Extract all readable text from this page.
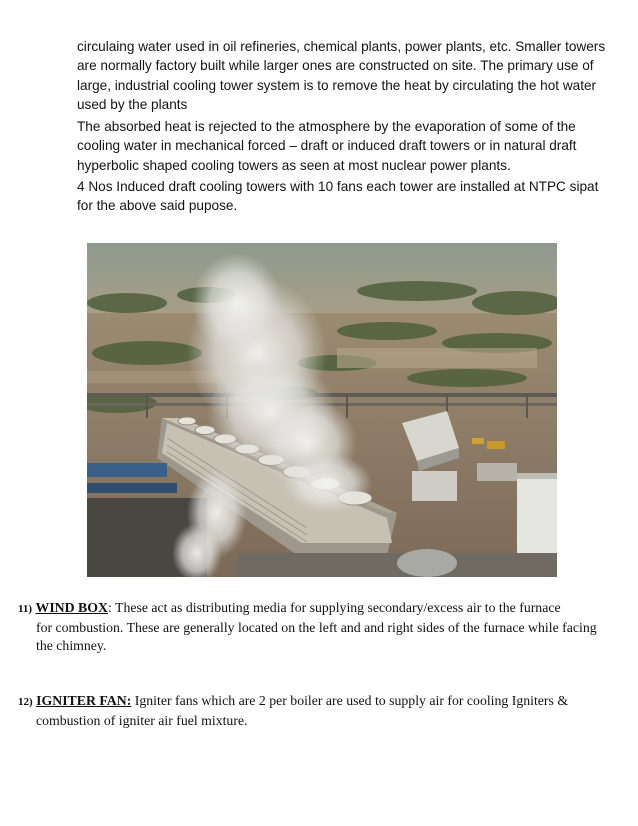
circulaing water used in oil refineries, chemical plants, power plants, etc. Smaller towers are normally factory built while larger ones are constructed on site. The primary use of large, industrial cooling tower system is to remove the heat by circulating the hot water used by the plants
The absorbed heat is rejected to the atmosphere by the evaporation of some of the cooling water in mechanical forced – draft or induced draft towers or in natural draft hyperbolic shaped cooling towers as seen at most nuclear power plants.
4 Nos Induced draft cooling towers with 10 fans each tower are installed at NTPC sipat for the above said pupose.
11) WIND BOX: These act as distributing media for supplying secondary/excess air to the furnace
for combustion. These are generally located on the left and and right sides of the furnace while facing the chimney.
12) IGNITER FAN: Igniter fans which are 2 per boiler are used to supply air for cooling Igniters &
combustion of igniter air fuel mixture.
